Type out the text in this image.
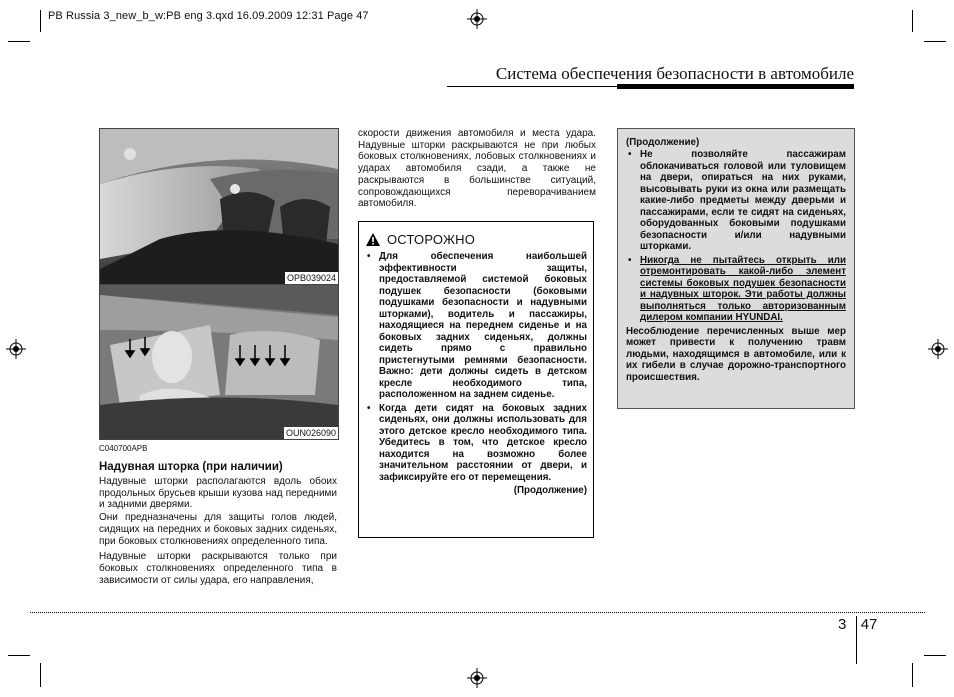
PB Russia 3_new_b_w:PB eng 3.qxd 16.09.2009 12:31 Page 47
Система обеспечения безопасности в автомобиле
OPB039024
OUN026090
C040700APB
Надувная шторка (при наличии)

Надувные шторки располагаются вдоль обоих продольных брусьев крыши кузова над передними и задними дверями.

Они предназначены для защиты голов людей, сидящих на передних и боковых задних сиденьях, при боковых столкновениях определенного типа.

Надувные шторки раскрываются только при боковых столкновениях определенного типа в зависимости от силы удара, его направления,

скорости движения автомобиля и места удара. Надувные шторки раскрываются не при любых боковых столкновениях, лобовых столкновениях и ударах автомобиля сзади, а также не раскрываются в большинстве ситуаций, сопровождающихся переворачиванием автомобиля.

ОСТОРОЖНО
• Для обеспечения наибольшей эффективности защиты, предоставляемой системой боковых подушек безопасности (боковыми подушками безопасности и надувными шторками), водитель и пассажиры, находящиеся на переднем сиденье и на боковых задних сиденьях, должны сидеть прямо с правильно пристегнутыми ремнями безопасности. Важно: дети должны сидеть в детском кресле необходимого типа, расположенном на заднем сиденье.
• Когда дети сидят на боковых задних сиденьях, они должны использовать для этого детское кресло необходимого типа. Убедитесь в том, что детское кресло находится на возможно более значительном расстоянии от двери, и зафиксируйте его от перемещения.
(Продолжение)
(Продолжение)
• Не позволяйте пассажирам облокачиваться головой или туловищем на двери, опираться на них руками, высовывать руки из окна или размещать какие-либо предметы между дверьми и пассажирами, если те сидят на сиденьях, оборудованных боковыми подушками безопасности и/или надувными шторками.
• Никогда не пытайтесь открыть или отремонтировать какой-либо элемент системы боковых подушек безопасности и надувных шторок. Эти работы должны выполняться только авторизованным дилером компании HYUNDAI.

Несоблюдение перечисленных выше мер может привести к получению травм людьми, находящимся в автомобиле, или к их гибели в случае дорожно-транспортного происшествия.

3 47
